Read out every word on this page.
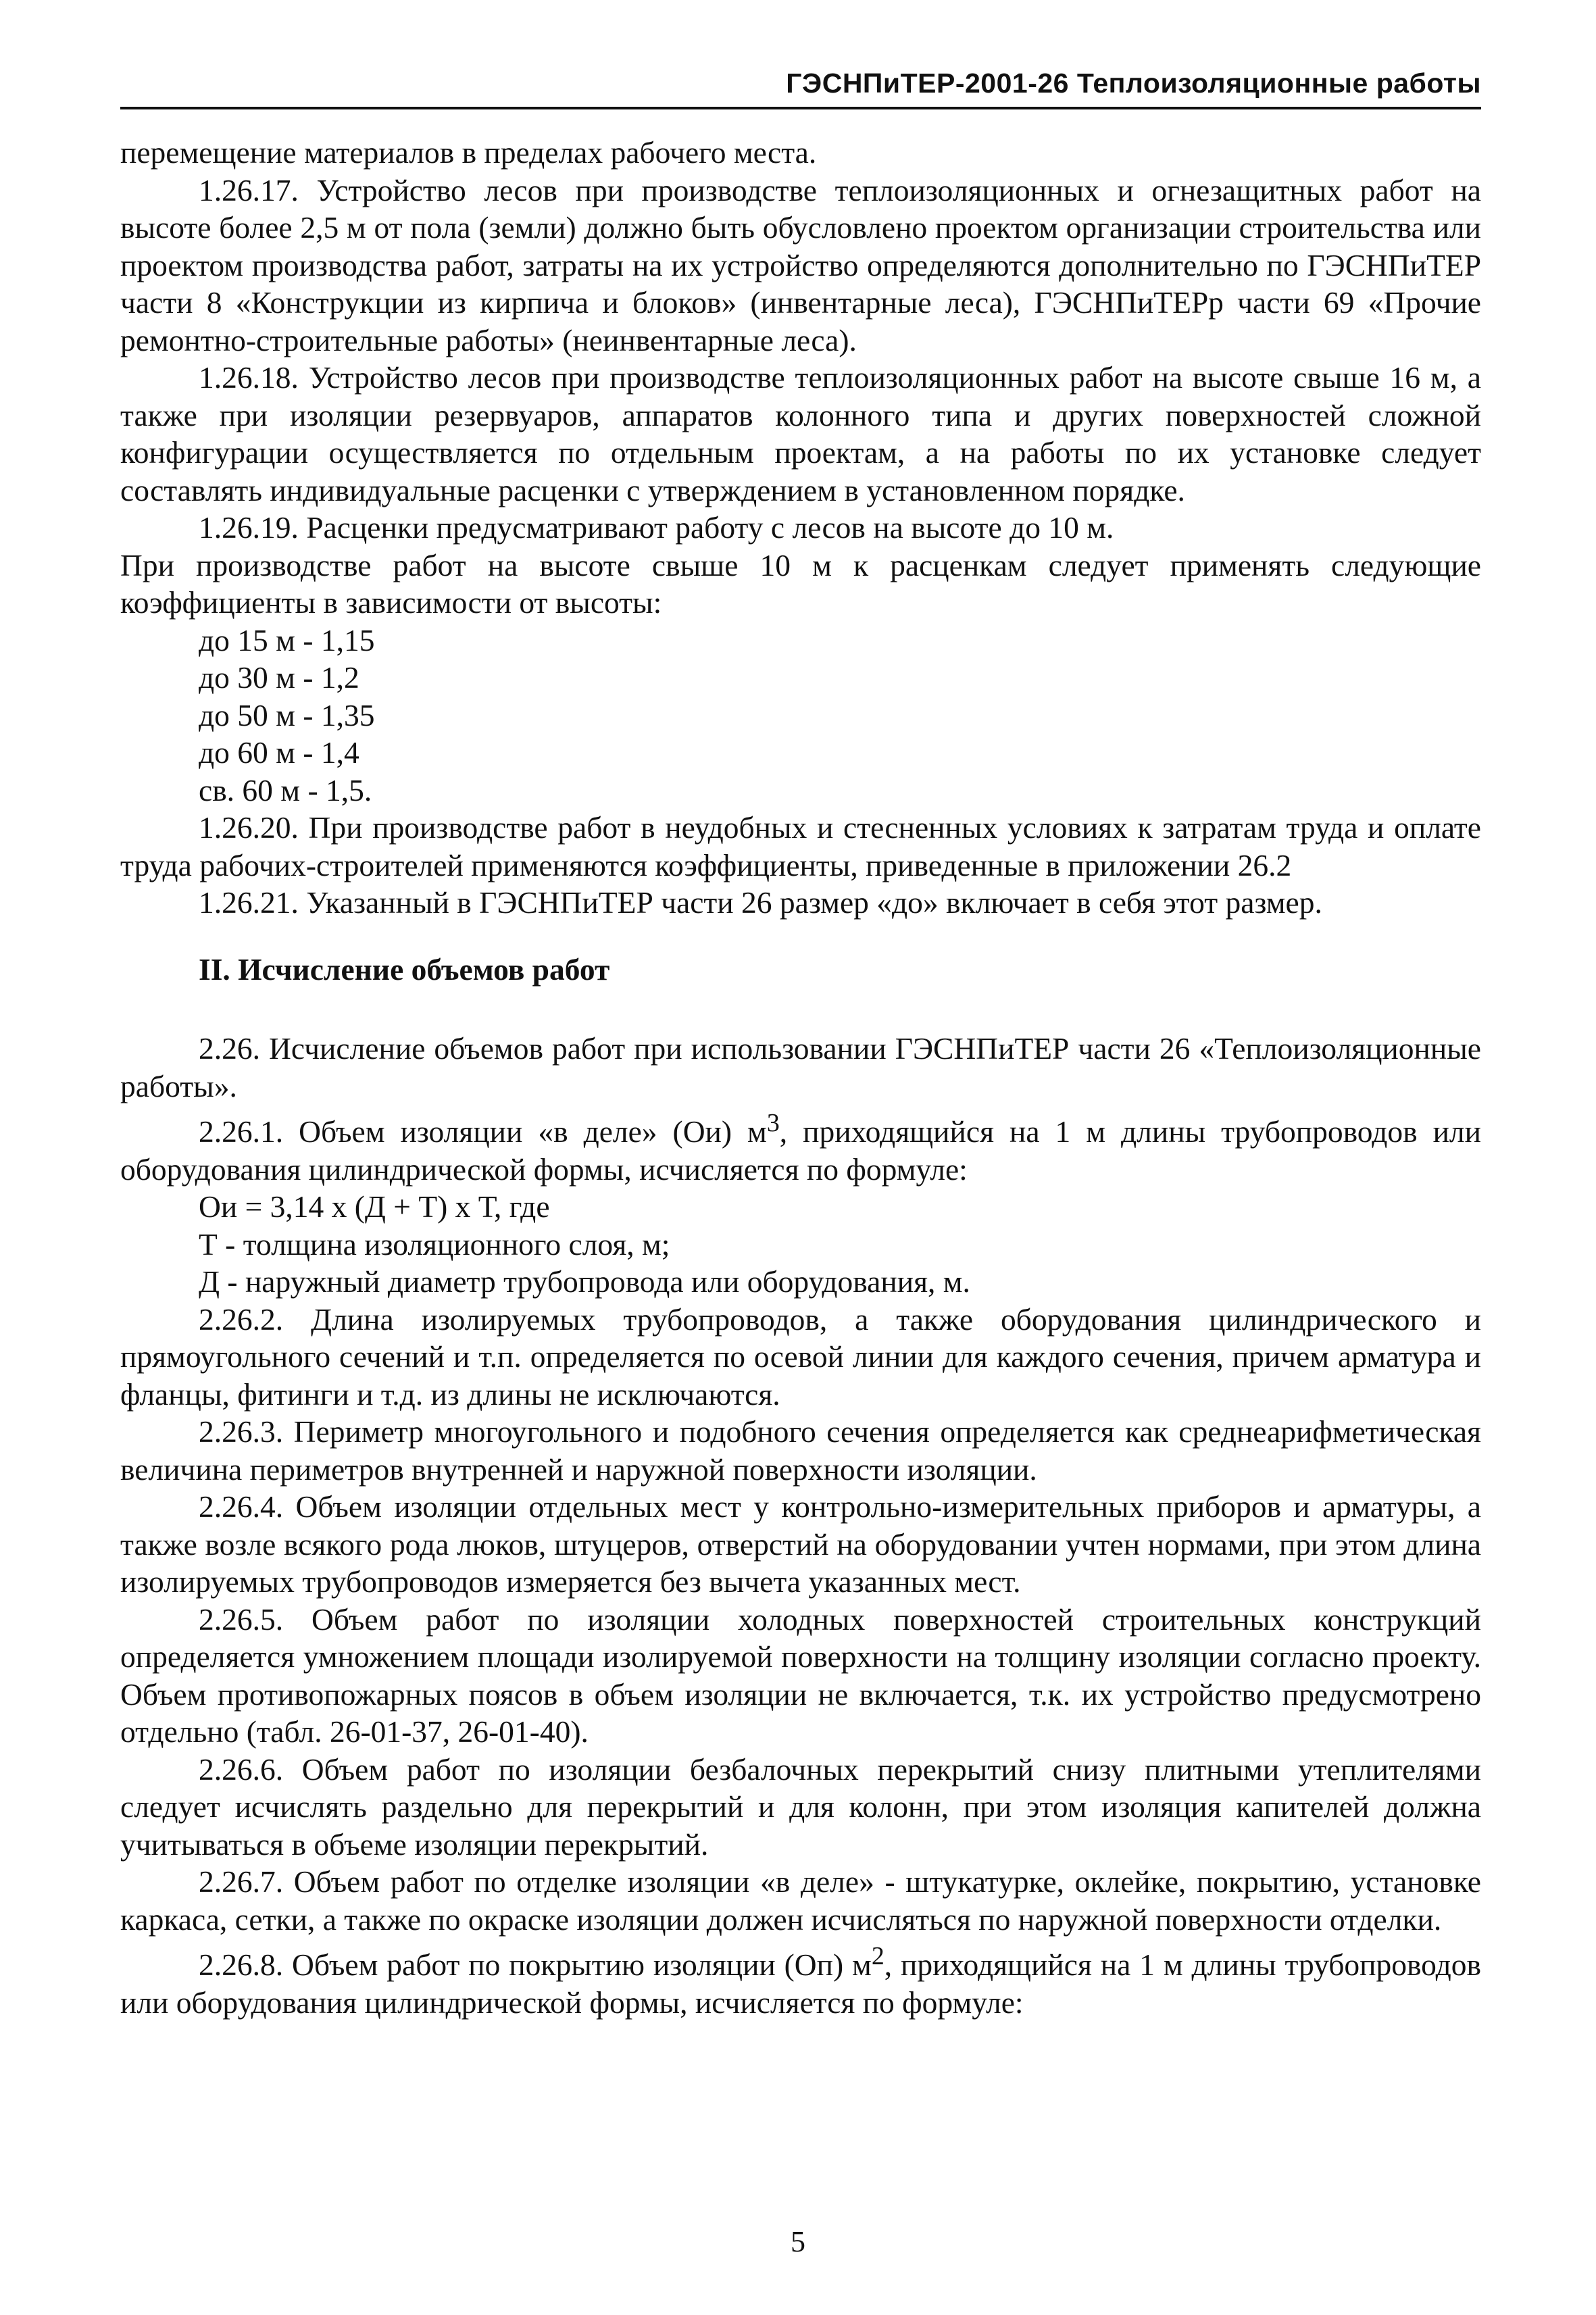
ГЭСНПиТЕР-2001-26 Теплоизоляционные работы

перемещение материалов в пределах рабочего места.

1.26.17. Устройство лесов при производстве теплоизоляционных и огнезащитных работ на высоте более 2,5 м от пола (земли) должно быть обусловлено проектом организации строительства или проектом производства работ, затраты на их устройство определяются дополнительно по ГЭСНПиТЕР части 8 «Конструкции из кирпича и блоков» (инвентарные леса), ГЭСНПиТЕРр части 69 «Прочие ремонтно-строительные работы» (неинвентарные леса).

1.26.18. Устройство лесов при производстве теплоизоляционных работ на высоте свыше 16 м, а также при изоляции резервуаров, аппаратов колонного типа и других поверхностей сложной конфигурации осуществляется по отдельным проектам, а на работы по их установке следует составлять индивидуальные расценки с утверждением в установленном порядке.

1.26.19. Расценки предусматривают работу с лесов на высоте до 10 м.

При производстве работ на высоте свыше 10 м к расценкам следует применять следующие коэффициенты в зависимости от высоты:

до 15 м - 1,15

до 30 м - 1,2

до 50 м - 1,35

до 60 м - 1,4

св. 60 м - 1,5.

1.26.20. При производстве работ в неудобных и стесненных условиях к затратам труда и оплате труда рабочих-строителей применяются коэффициенты, приведенные в приложении 26.2

1.26.21. Указанный в ГЭСНПиТЕР части 26 размер «до» включает в себя этот размер.

II. Исчисление объемов работ

2.26. Исчисление объемов работ при использовании ГЭСНПиТЕР части 26 «Теплоизоляционные работы».

2.26.1. Объем изоляции «в деле» (Ои) $м^3$, приходящийся на 1 м длины трубопроводов или оборудования цилиндрической формы, исчисляется по формуле:

Ои = 3,14 х (Д + Т) х Т, где

Т - толщина изоляционного слоя, м;

Д - наружный диаметр трубопровода или оборудования, м.

2.26.2. Длина изолируемых трубопроводов, а также оборудования цилиндрического и прямоугольного сечений и т.п. определяется по осевой линии для каждого сечения, причем арматура и фланцы, фитинги и т.д. из длины не исключаются.

2.26.3. Периметр многоугольного и подобного сечения определяется как среднеарифметическая величина периметров внутренней и наружной поверхности изоляции.

2.26.4. Объем изоляции отдельных мест у контрольно-измерительных приборов и арматуры, а также возле всякого рода люков, штуцеров, отверстий на оборудовании учтен нормами, при этом длина изолируемых трубопроводов измеряется без вычета указанных мест.

2.26.5. Объем работ по изоляции холодных поверхностей строительных конструкций определяется умножением площади изолируемой поверхности на толщину изоляции согласно проекту. Объем противопожарных поясов в объем изоляции не включается, т.к. их устройство предусмотрено отдельно (табл. 26-01-37, 26-01-40).

2.26.6. Объем работ по изоляции безбалочных перекрытий снизу плитными утеплителями следует исчислять раздельно для перекрытий и для колонн, при этом изоляция капителей должна учитываться в объеме изоляции перекрытий.

2.26.7. Объем работ по отделке изоляции «в деле» - штукатурке, оклейке, покрытию, установке каркаса, сетки, а также по окраске изоляции должен исчисляться по наружной поверхности отделки.

2.26.8. Объем работ по покрытию изоляции (Оп) $м^2$, приходящийся на 1 м длины трубопроводов или оборудования цилиндрической формы, исчисляется по формуле:

5
